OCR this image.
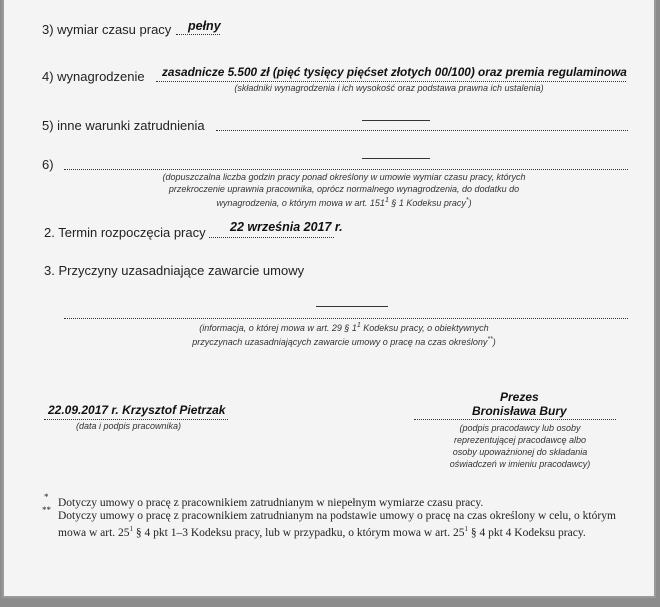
3) wymiar czasu pracy pełny
4) wynagrodzenie zasadnicze 5.500 zł (pięć tysięcy pięćset złotych 00/100) oraz premia regulaminowa
(składniki wynagrodzenia i ich wysokość oraz podstawa prawna ich ustalenia)
5) inne warunki zatrudnienia
6)
(dopuszczalna liczba godzin pracy ponad określony w umowie wymiar czasu pracy, których
przekroczenie uprawnia pracownika, oprócz normalnego wynagrodzenia, do dodatku do
wynagrodzenia, o którym mowa w art. $151^1$ § 1 Kodeksu pracy*)
2. Termin rozpoczęcia pracy 22 września 2017 r.
3. Przyczyny uzasadniające zawarcie umowy
(informacja, o której mowa w art. 29 § $1^1$ Kodeksu pracy, o obiektywnych
przyczynach uzasadniających zawarcie umowy o pracę na czas określony**)
22.09.2017 r. Krzysztof Pietrzak
(data i podpis pracownika)
Prezes
Bronisława Bury
(podpis pracodawcy lub osoby
reprezentującej pracodawcę albo
osoby upoważnionej do składania
oświadczeń w imieniu pracodawcy)
* Dotyczy umowy o pracę z pracownikiem zatrudnianym w niepełnym wymiarze czasu pracy.
** Dotyczy umowy o pracę z pracownikiem zatrudnianym na podstawie umowy o pracę na czas określony w celu, o którym mowa w art. $25^1$ § 4 pkt 1–3 Kodeksu pracy, lub w przypadku, o którym mowa w art. $25^1$ § 4 pkt 4 Kodeksu pracy.
